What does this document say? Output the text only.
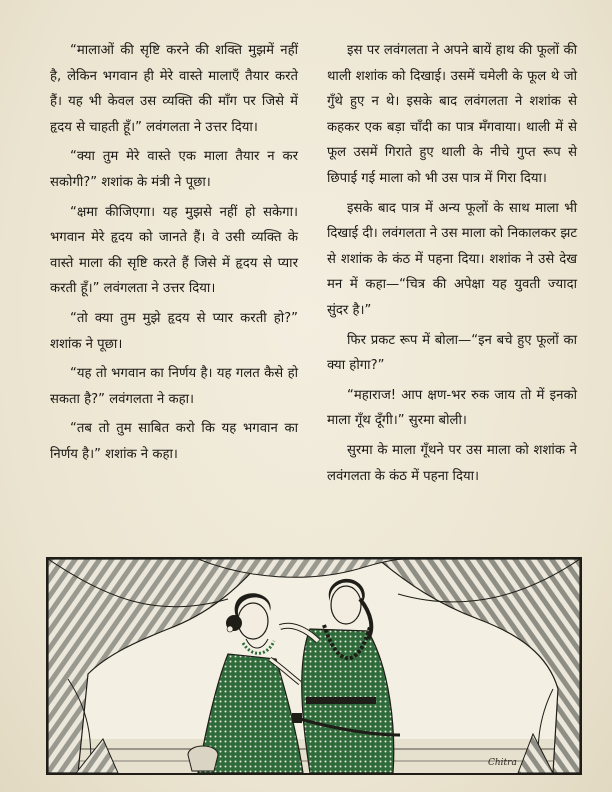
“मालाओं की सृष्टि करने की शक्ति मुझमें नहीं है, लेकिन भगवान ही मेरे वास्ते मालाएँ तैयार करते हैं। यह भी केवल उस व्यक्ति की माँग पर जिसे में हृदय से चाहती हूँ।” लवंगलता ने उत्तर दिया।

“क्या तुम मेरे वास्ते एक माला तैयार न कर सकोगी?” शशांक के मंत्री ने पूछा।

“क्षमा कीजिएगा। यह मुझसे नहीं हो सकेगा। भगवान मेरे हृदय को जानते हैं। वे उसी व्यक्ति के वास्ते माला की सृष्टि करते हैं जिसे में हृदय से प्यार करती हूँ।” लवंगलता ने उत्तर दिया।

“तो क्या तुम मुझे हृदय से प्यार करती हो?” शशांक ने पूछा।

“यह तो भगवान का निर्णय है। यह गलत कैसे हो सकता है?” लवंगलता ने कहा।

“तब तो तुम साबित करो कि यह भगवान का निर्णय है।” शशांक ने कहा।

इस पर लवंगलता ने अपने बायें हाथ की फूलों की थाली शशांक को दिखाई। उसमें चमेली के फूल थे जो गुँथे हुए न थे। इसके बाद लवंगलता ने शशांक से कहकर एक बड़ा चाँदी का पात्र मँगवाया। थाली में से फूल उसमें गिराते हुए थाली के नीचे गुप्त रूप से छिपाई गई माला को भी उस पात्र में गिरा दिया।

इसके बाद पात्र में अन्य फूलों के साथ माला भी दिखाई दी। लवंगलता ने उस माला को निकालकर झट से शशांक के कंठ में पहना दिया। शशांक ने उसे देख मन में कहा—“चित्र की अपेक्षा यह युवती ज्यादा सुंदर है।”

फिर प्रकट रूप में बोला—“इन बचे हुए फूलों का क्या होगा?”

“महाराज! आप क्षण-भर रुक जाय तो में इनको माला गूँथ दूँगी।” सुरमा बोली।

सुरमा के माला गूँथने पर उस माला को शशांक ने लवंगलता के कंठ में पहना दिया।

Chitra
